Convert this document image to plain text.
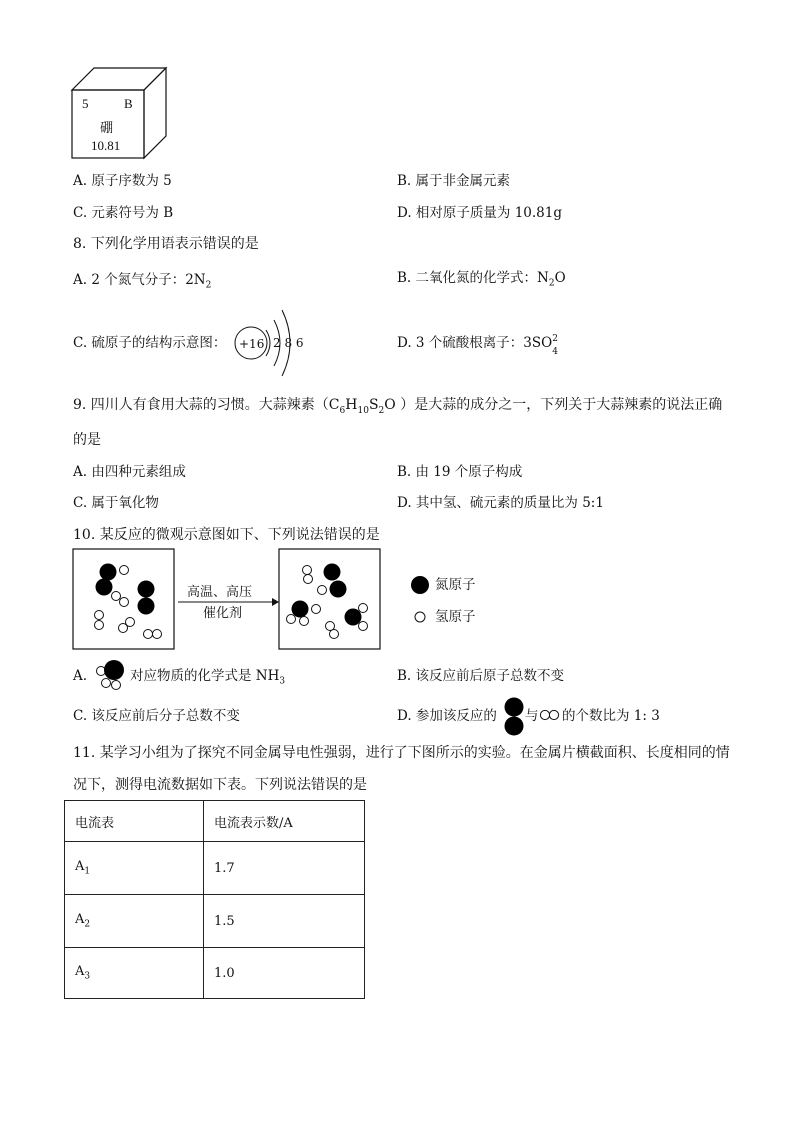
5	B
硼
10.81
A. 原子序数为 5	B. 属于非金属元素
C. 元素符号为 B	D. 相对原子质量为 10.81g
8. 下列化学用语表示错误的是
A. 2 个氮气分子：$2N_2$	B. 二氧化氮的化学式：$N_2O$
C. 硫原子的结构示意图： +16 2 8 6	D. 3 个硫酸根离子：3SO 2
4
9. 四川人有食用大蒜的习惯。大蒜辣素（$C_6H_{10}S_2O$ ）是大蒜的成分之一，下列关于大蒜辣素的说法正确
的是
A. 由四种元素组成	B. 由 19 个原子构成
C. 属于氧化物	D. 其中氢、硫元素的质量比为 5:1
10. 某反应的微观示意图如下、下列说法错误的是
高温、高压
催化剂
氮原子
氢原子
A.	对应物质的化学式是 $NH_3$	B. 该反应前后原子总数不变
C. 该反应前后分子总数不变	D. 参加该反应的 与 的个数比为 1: 3
11. 某学习小组为了探究不同金属导电性强弱，进行了下图所示的实验。在金属片横截面积、长度相同的情
况下，测得电流数据如下表。下列说法错误的是
电流表	电流表示数/A
$A_1$	1.7
$A_2$	1.5
$A_3$	1.0
